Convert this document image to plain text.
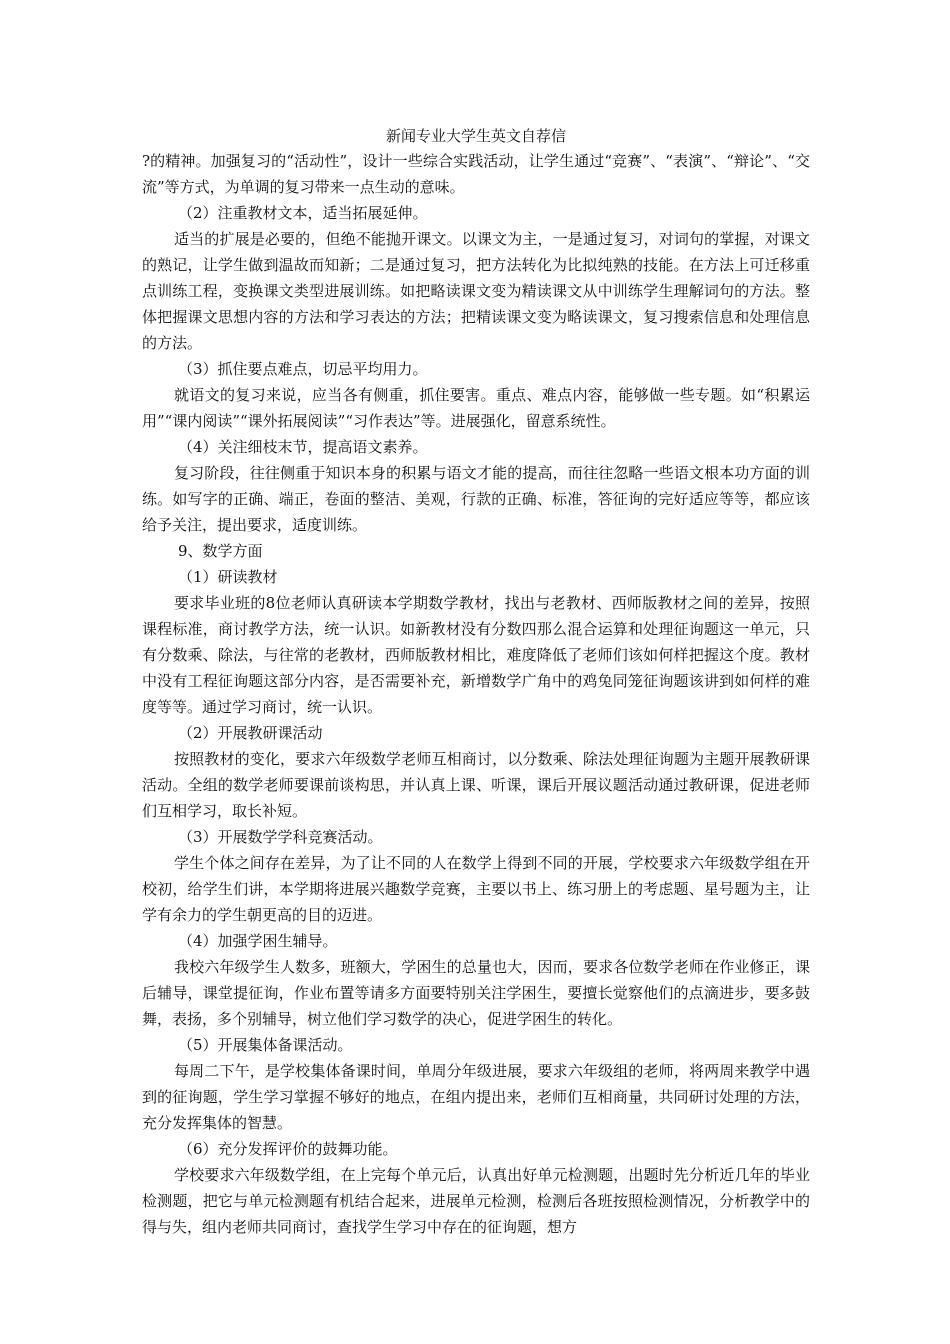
新闻专业大学生英文自荐信

?的精神。加强复习的“活动性”，设计一些综合实践活动，让学生通过“竞赛”、“表演”、“辩论”、“交流”等方式，为单调的复习带来一点生动的意味。

（2）注重教材文本，适当拓展延伸。

适当的扩展是必要的，但绝不能抛开课文。以课文为主，一是通过复习，对词句的掌握，对课文的熟记，让学生做到温故而知新；二是通过复习，把方法转化为比拟纯熟的技能。在方法上可迁移重点训练工程，变换课文类型进展训练。如把略读课文变为精读课文从中训练学生理解词句的方法。整体把握课文思想内容的方法和学习表达的方法；把精读课文变为略读课文，复习搜索信息和处理信息的方法。

（3）抓住要点难点，切忌平均用力。

就语文的复习来说，应当各有侧重，抓住要害。重点、难点内容，能够做一些专题。如“积累运用”“课内阅读”“课外拓展阅读”“习作表达”等。进展强化，留意系统性。

（4）关注细枝末节，提高语文素养。

复习阶段，往往侧重于知识本身的积累与语文才能的提高，而往往忽略一些语文根本功方面的训练。如写字的正确、端正，卷面的整洁、美观，行款的正确、标准，答征询的完好适应等等，都应该给予关注，提出要求，适度训练。

9、数学方面

（1）研读教材

要求毕业班的8位老师认真研读本学期数学教材，找出与老教材、西师版教材之间的差异，按照课程标准，商讨教学方法，统一认识。如新教材没有分数四那么混合运算和处理征询题这一单元，只有分数乘、除法，与往常的老教材，西师版教材相比，难度降低了老师们该如何样把握这个度。教材中没有工程征询题这部分内容，是否需要补充，新增数学广角中的鸡兔同笼征询题该讲到如何样的难度等等。通过学习商讨，统一认识。

（2）开展教研课活动

按照教材的变化，要求六年级数学老师互相商讨，以分数乘、除法处理征询题为主题开展教研课活动。全组的数学老师要课前谈构思，并认真上课、听课，课后开展议题活动通过教研课，促进老师们互相学习，取长补短。

（3）开展数学学科竞赛活动。

学生个体之间存在差异，为了让不同的人在数学上得到不同的开展，学校要求六年级数学组在开校初，给学生们讲，本学期将进展兴趣数学竞赛，主要以书上、练习册上的考虑题、星号题为主，让学有余力的学生朝更高的目的迈进。

（4）加强学困生辅导。

我校六年级学生人数多，班额大，学困生的总量也大，因而，要求各位数学老师在作业修正，课后辅导，课堂提征询，作业布置等请多方面要特别关注学困生，要擅长觉察他们的点滴进步，要多鼓舞，表扬，多个别辅导，树立他们学习数学的决心，促进学困生的转化。

（5）开展集体备课活动。

每周二下午，是学校集体备课时间，单周分年级进展，要求六年级组的老师，将两周来教学中遇到的征询题，学生学习掌握不够好的地点，在组内提出来，老师们互相商量，共同研讨处理的方法，充分发挥集体的智慧。

（6）充分发挥评价的鼓舞功能。

学校要求六年级数学组，在上完每个单元后，认真出好单元检测题，出题时先分析近几年的毕业检测题，把它与单元检测题有机结合起来，进展单元检测，检测后各班按照检测情况，分析教学中的得与失，组内老师共同商讨，查找学生学习中存在的征询题，想方
